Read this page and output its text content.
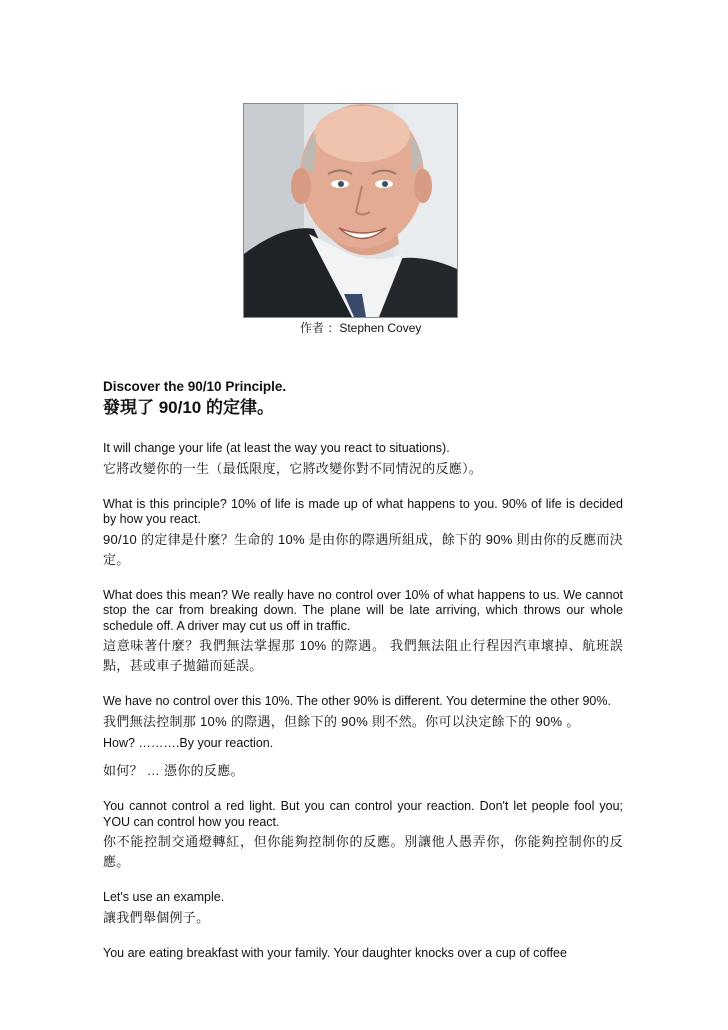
作者 ：Stephen Covey

Discover the 90/10 Principle.

發現了 90/10 的定律。

It will change your life (at least the way you react to situations).

它將改變你的一生（最低限度，它將改變你對不同情況的反應）。

What is this principle? 10% of life is made up of what happens to you. 90% of life is decided by how you react.

90/10 的定律是什麼？生命的 10% 是由你的際遇所組成，餘下的 90% 則由你的反應而決定。

What does this mean? We really have no control over 10% of what happens to us. We cannot stop the car from breaking down. The plane will be late arriving, which throws our whole schedule off. A driver may cut us off in traffic.

這意味著什麼？我們無法掌握那 10% 的際遇。 我們無法阻止行程因汽車壞掉、航班誤點，甚或車子拋錨而延誤。

We have no control over this 10%. The other 90% is different. You determine the other 90%.

我們無法控制那 10% 的際遇，但餘下的 90% 則不然。你可以決定餘下的 90% 。

How? ……….By your reaction.

如何？ … 憑你的反應。

You cannot control a red light. But you can control your reaction. Don't let people fool you; YOU can control how you react.

你不能控制交通燈轉紅，但你能夠控制你的反應。別讓他人愚弄你，你能夠控制你的反應。

Let's use an example.

讓我們舉個例子。

You are eating breakfast with your family. Your daughter knocks over a cup of coffee
